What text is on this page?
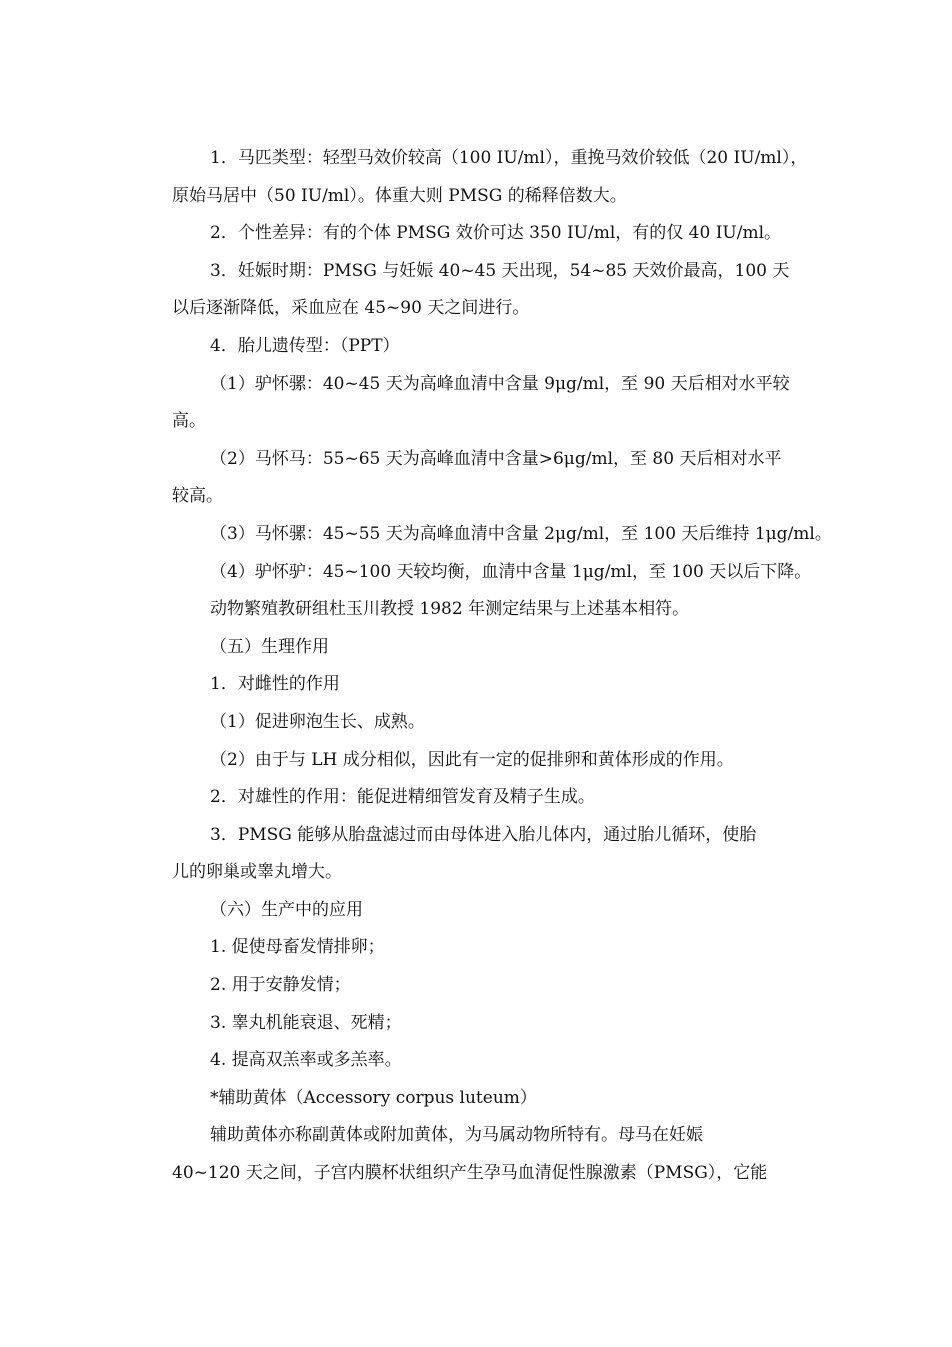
1．马匹类型：轻型马效价较高（100 IU/ml），重挽马效价较低（20 IU/ml），
原始马居中（50 IU/ml）。体重大则 PMSG 的稀释倍数大。

2．个性差异：有的个体 PMSG 效价可达 350 IU/ml，有的仅 40 IU/ml。

3．妊娠时期：PMSG 与妊娠 40~45 天出现，54~85 天效价最高，100 天
以后逐渐降低，采血应在 45~90 天之间进行。

4．胎儿遗传型：（PPT）

（1）驴怀骡：40~45 天为高峰血清中含量 9μg/ml，至 90 天后相对水平较
高。

（2）马怀马：55~65 天为高峰血清中含量>6μg/ml，至 80 天后相对水平
较高。

（3）马怀骡：45~55 天为高峰血清中含量 2μg/ml，至 100 天后维持 1μg/ml。

（4）驴怀驴：45~100 天较均衡，血清中含量 1μg/ml，至 100 天以后下降。

动物繁殖教研组杜玉川教授 1982 年测定结果与上述基本相符。

（五）生理作用

1．对雌性的作用

（1）促进卵泡生长、成熟。

（2）由于与 LH 成分相似，因此有一定的促排卵和黄体形成的作用。

2．对雄性的作用：能促进精细管发育及精子生成。

3．PMSG 能够从胎盘滤过而由母体进入胎儿体内，通过胎儿循环，使胎
儿的卵巢或睾丸增大。

（六）生产中的应用

1. 促使母畜发情排卵；

2. 用于安静发情；

3. 睾丸机能衰退、死精；

4. 提高双羔率或多羔率。

*辅助黄体（Accessory corpus luteum）

辅助黄体亦称副黄体或附加黄体，为马属动物所特有。母马在妊娠
40~120 天之间，子宫内膜杯状组织产生孕马血清促性腺激素（PMSG），它能
